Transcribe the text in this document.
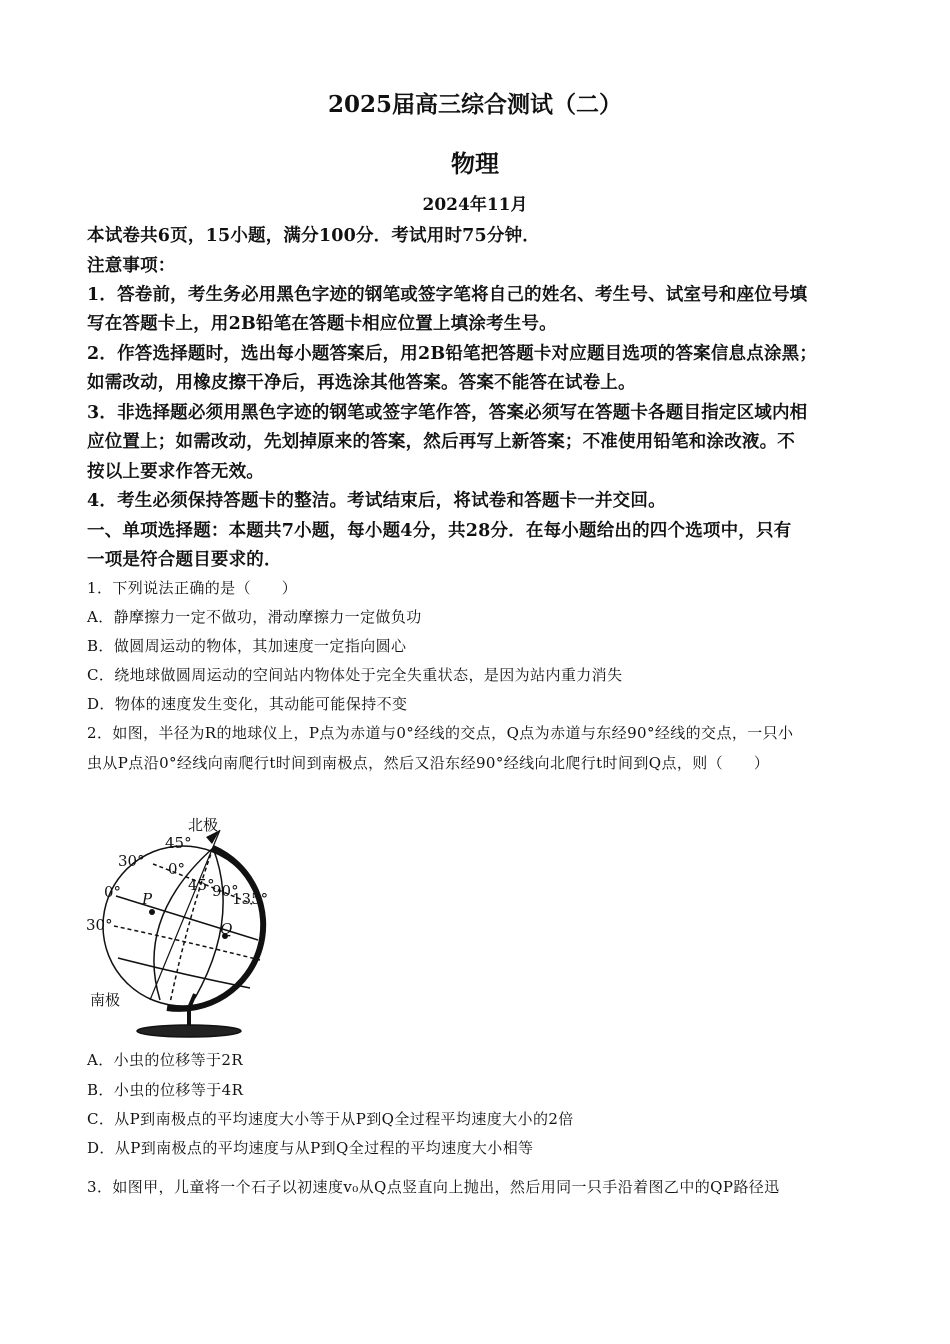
2025届高三综合测试（二）
物理
2024年11月
本试卷共6页，15小题，满分100分．考试用时75分钟．
注意事项：
1．答卷前，考生务必用黑色字迹的钢笔或签字笔将自己的姓名、考生号、试室号和座位号填
写在答题卡上，用2B铅笔在答题卡相应位置上填涂考生号。
2．作答选择题时，选出每小题答案后，用2B铅笔把答题卡对应题目选项的答案信息点涂黑；
如需改动，用橡皮擦干净后，再选涂其他答案。答案不能答在试卷上。
3．非选择题必须用黑色字迹的钢笔或签字笔作答，答案必须写在答题卡各题目指定区域内相
应位置上；如需改动，先划掉原来的答案，然后再写上新答案；不准使用铅笔和涂改液。不
按以上要求作答无效。
4．考生必须保持答题卡的整洁。考试结束后，将试卷和答题卡一并交回。
一、单项选择题：本题共7小题，每小题4分，共28分．在每小题给出的四个选项中，只有
一项是符合题目要求的．
1．下列说法正确的是（　　）
A．静摩擦力一定不做功，滑动摩擦力一定做负功
B．做圆周运动的物体，其加速度一定指向圆心
C．绕地球做圆周运动的空间站内物体处于完全失重状态，是因为站内重力消失
D．物体的速度发生变化，其动能可能保持不变
2．如图，半径为R的地球仪上，P点为赤道与0°经线的交点，Q点为赤道与东经90°经线的交点，一只小
虫从P点沿0°经线向南爬行t时间到南极点，然后又沿东经90°经线向北爬行t时间到Q点，则（　　）
北极
南极
30°
0°
30°
45°
0°
45°
90°
135°
P
Q
A．小虫的位移等于2R
B．小虫的位移等于4R
C．从P到南极点的平均速度大小等于从P到Q全过程平均速度大小的2倍
D．从P到南极点的平均速度与从P到Q全过程的平均速度大小相等
3．如图甲，儿童将一个石子以初速度v₀从Q点竖直向上抛出，然后用同一只手沿着图乙中的QP路径迅
